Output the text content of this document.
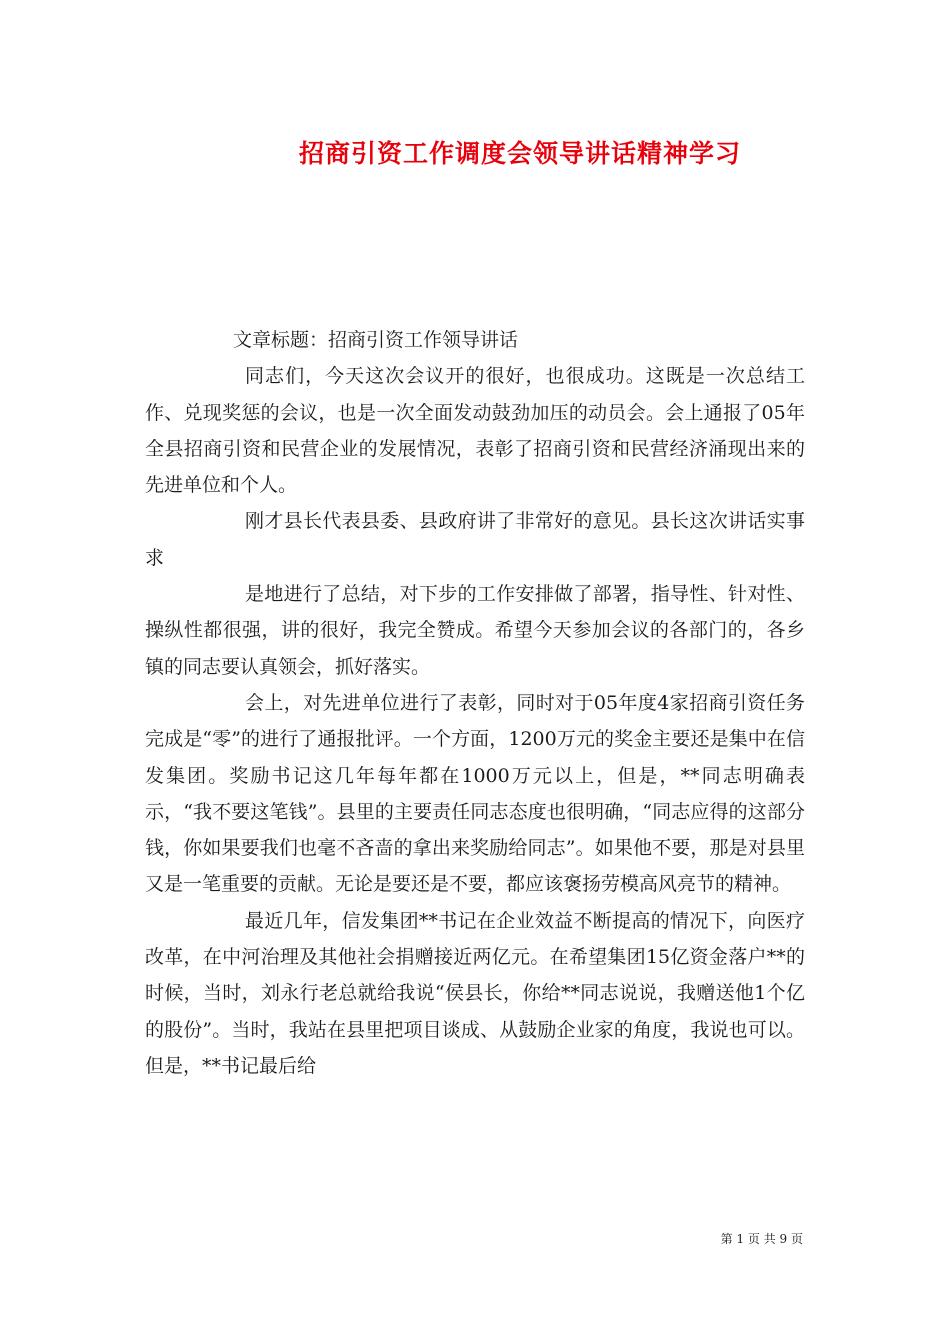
招商引资工作调度会领导讲话精神学习

文章标题：招商引资工作领导讲话

同志们，今天这次会议开的很好，也很成功。这既是一次总结工作、兑现奖惩的会议，也是一次全面发动鼓劲加压的动员会。会上通报了05年全县招商引资和民营企业的发展情况，表彰了招商引资和民营经济涌现出来的先进单位和个人。

刚才县长代表县委、县政府讲了非常好的意见。县长这次讲话实事求

是地进行了总结，对下步的工作安排做了部署，指导性、针对性、操纵性都很强，讲的很好，我完全赞成。希望今天参加会议的各部门的，各乡镇的同志要认真领会，抓好落实。

会上，对先进单位进行了表彰，同时对于05年度4家招商引资任务完成是“零”的进行了通报批评。一个方面，1200万元的奖金主要还是集中在信发集团。奖励书记这几年每年都在1000万元以上，但是，**同志明确表示，“我不要这笔钱”。县里的主要责任同志态度也很明确，“同志应得的这部分钱，你如果要我们也毫不吝啬的拿出来奖励给同志”。如果他不要，那是对县里又是一笔重要的贡献。无论是要还是不要，都应该褒扬劳模高风亮节的精神。

最近几年，信发集团**书记在企业效益不断提高的情况下，向医疗改革，在中河治理及其他社会捐赠接近两亿元。在希望集团15亿资金落户**的时候，当时，刘永行老总就给我说“侯县长，你给**同志说说，我赠送他1个亿的股份”。当时，我站在县里把项目谈成、从鼓励企业家的角度，我说也可以。但是，**书记最后给

第 1 页 共 9 页
